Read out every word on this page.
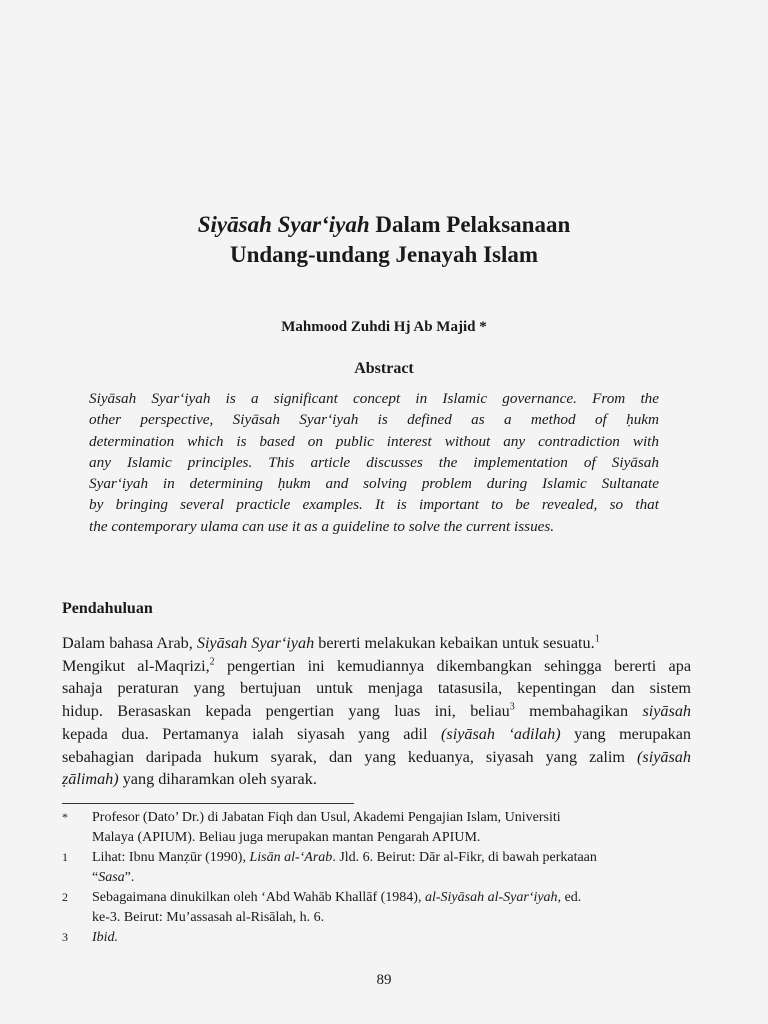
Siyāsah Syar‘iyah Dalam Pelaksanaan
Undang-undang Jenayah Islam
Mahmood Zuhdi Hj Ab Majid *
Abstract
Siyāsah Syar‘iyah is a significant concept in Islamic governance. From the
other perspective, Siyāsah Syar‘iyah is defined as a method of ḥukm
determination which is based on public interest without any contradiction with
any Islamic principles. This article discusses the implementation of Siyāsah
Syar‘iyah in determining ḥukm and solving problem during Islamic Sultanate
by bringing several practicle examples. It is important to be revealed, so that
the contemporary ulama can use it as a guideline to solve the current issues.
Pendahuluan
Dalam bahasa Arab, Siyāsah Syar‘iyah bererti melakukan kebaikan untuk sesuatu.$^1$
Mengikut al-Maqrizi,$^2$ pengertian ini kemudiannya dikembangkan sehingga bererti apa
sahaja peraturan yang bertujuan untuk menjaga tatasusila, kepentingan dan sistem
hidup. Berasaskan kepada pengertian yang luas ini, beliau$^3$ membahagikan siyāsah
kepada dua. Pertamanya ialah siyasah yang adil (siyāsah ‘adilah) yang merupakan
sebahagian daripada hukum syarak, dan yang keduanya, siyasah yang zalim (siyāsah
ẓālimah) yang diharamkan oleh syarak.
* Profesor (Dato’ Dr.) di Jabatan Fiqh dan Usul, Akademi Pengajian Islam, Universiti
Malaya (APIUM). Beliau juga merupakan mantan Pengarah APIUM.
1 Lihat: Ibnu Manẓūr (1990), Lisān al-‘Arab. Jld. 6. Beirut: Dār al-Fikr, di bawah perkataan
“Sasa”.
2 Sebagaimana dinukilkan oleh ‘Abd Wahāb Khallāf (1984), al-Siyāsah al-Syar‘iyah, ed.
ke-3. Beirut: Mu’assasah al-Risālah, h. 6.
3 Ibid.
89
